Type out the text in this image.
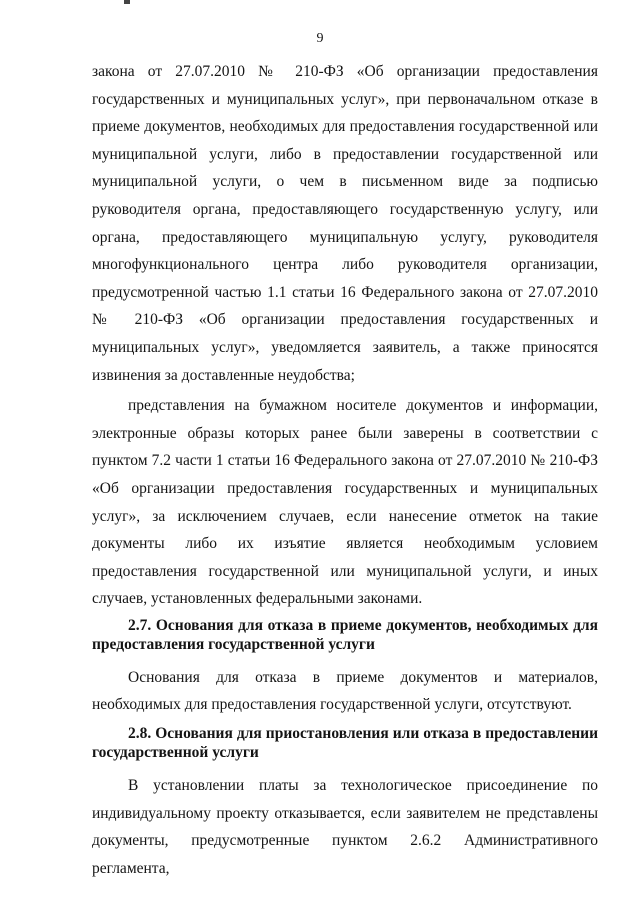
9

закона от 27.07.2010 № 210-ФЗ «Об организации предоставления государственных и муниципальных услуг», при первоначальном отказе в приеме документов, необходимых для предоставления государственной или муниципальной услуги, либо в предоставлении государственной или муниципальной услуги, о чем в письменном виде за подписью руководителя органа, предоставляющего государственную услугу, или органа, предоставляющего муниципальную услугу, руководителя многофункционального центра либо руководителя организации, предусмотренной частью 1.1 статьи 16 Федерального закона от 27.07.2010 № 210-ФЗ «Об организации предоставления государственных и муниципальных услуг», уведомляется заявитель, а также приносятся извинения за доставленные неудобства;

представления на бумажном носителе документов и информации, электронные образы которых ранее были заверены в соответствии с пунктом 7.2 части 1 статьи 16 Федерального закона от 27.07.2010 № 210-ФЗ «Об организации предоставления государственных и муниципальных услуг», за исключением случаев, если нанесение отметок на такие документы либо их изъятие является необходимым условием предоставления государственной или муниципальной услуги, и иных случаев, установленных федеральными законами.

2.7. Основания для отказа в приеме документов, необходимых для предоставления государственной услуги

Основания для отказа в приеме документов и материалов, необходимых для предоставления государственной услуги, отсутствуют.

2.8. Основания для приостановления или отказа в предоставлении государственной услуги

В установлении платы за технологическое присоединение по индивидуальному проекту отказывается, если заявителем не представлены документы, предусмотренные пунктом 2.6.2 Административного регламента,
